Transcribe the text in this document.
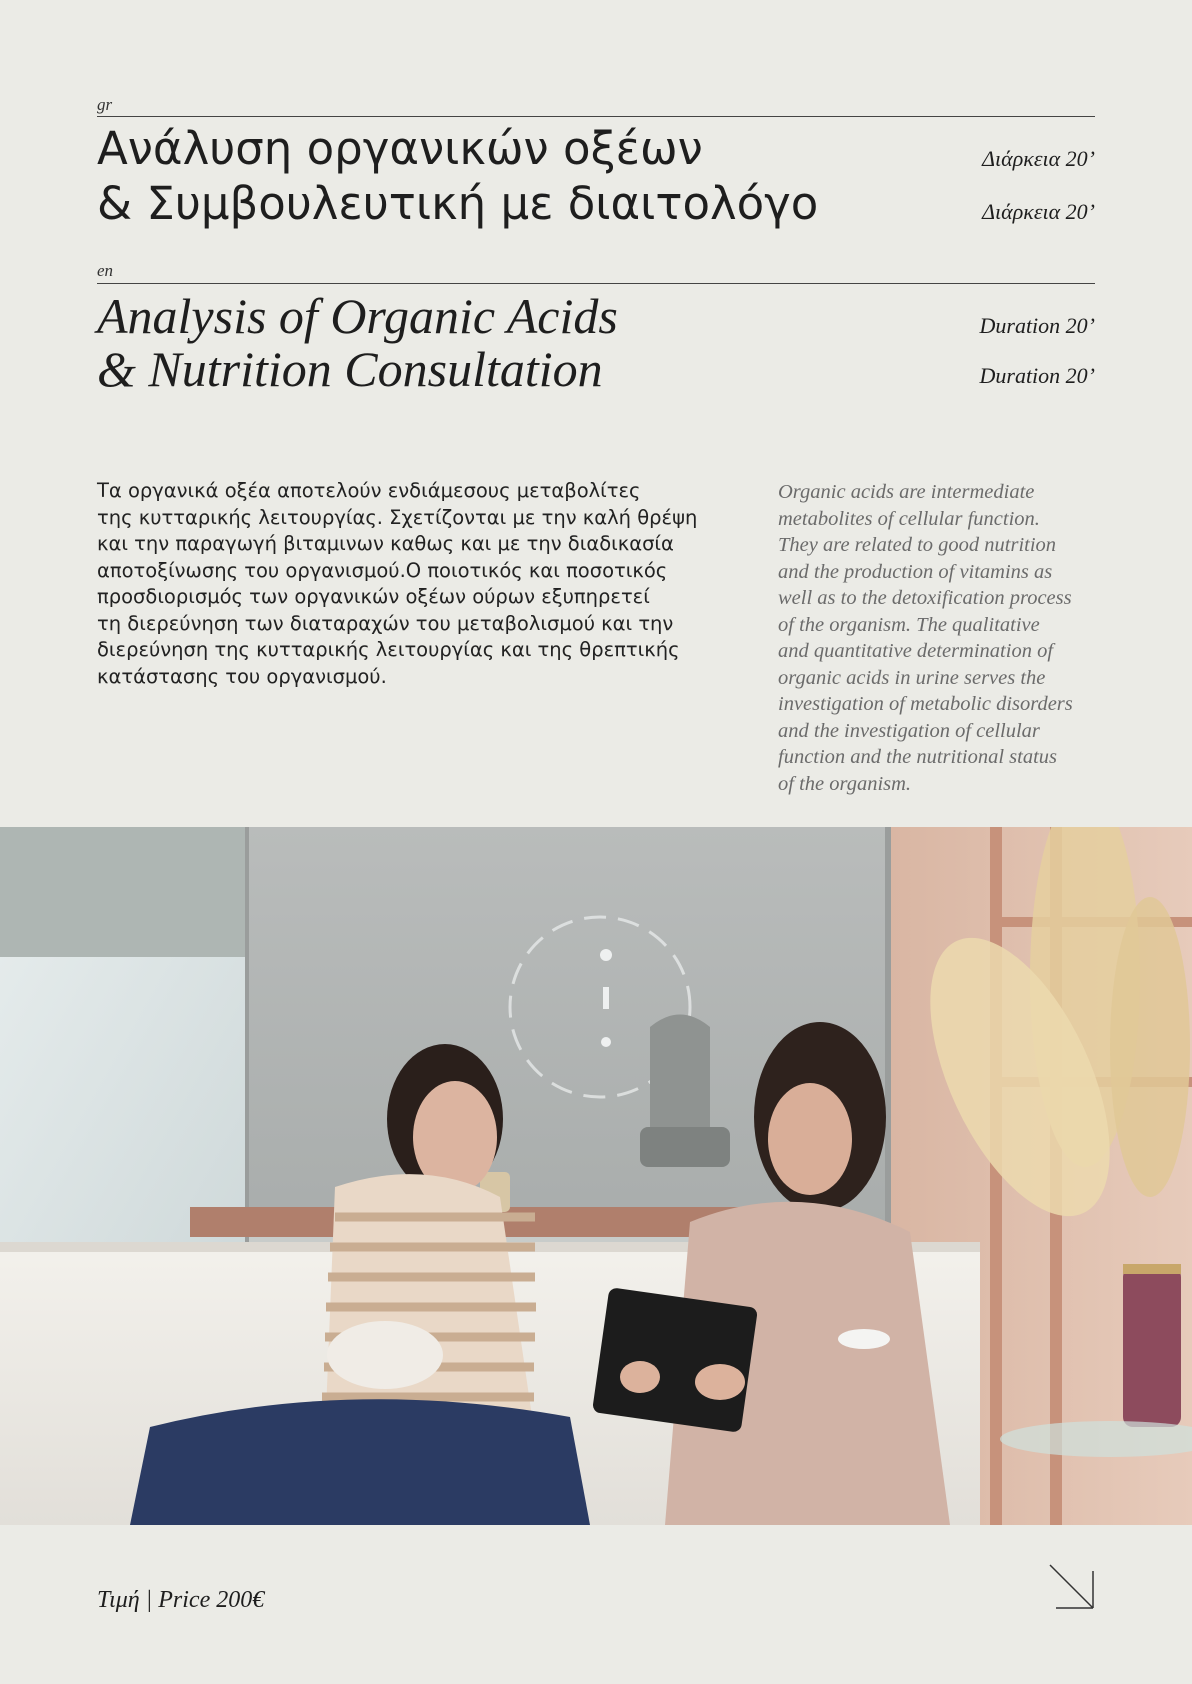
gr
Ανάλυση οργανικών οξέων
& Συμβουλευτική με διαιτολόγο
Διάρκεια 20’
Διάρκεια 20’
en
Analysis of Organic Acids
& Nutrition Consultation
Duration 20’
Duration 20’
Τα οργανικά οξέα αποτελούν ενδιάμεσους μεταβολίτες
της κυτταρικής λειτουργίας. Σχετίζονται με την καλή θρέψη
και την παραγωγή βιταμινων καθως και με την διαδικασία
αποτοξίνωσης του οργανισμού.Ο ποιοτικός και ποσοτικός
προσδιορισμός των οργανικών οξέων ούρων εξυπηρετεί
τη διερεύνηση των διαταραχών του μεταβολισμού και την
διερεύνηση της κυτταρικής λειτουργίας και της θρεπτικής
κατάστασης του οργανισμού.
Organic acids are intermediate
metabolites of cellular function.
They are related to good nutrition
and the production of vitamins as
well as to the detoxification process
of the organism. The qualitative
and quantitative determination of
organic acids in urine serves the
investigation of metabolic disorders
and the investigation of cellular
function and the nutritional status
of the organism.
Τιμή | Price 200€
